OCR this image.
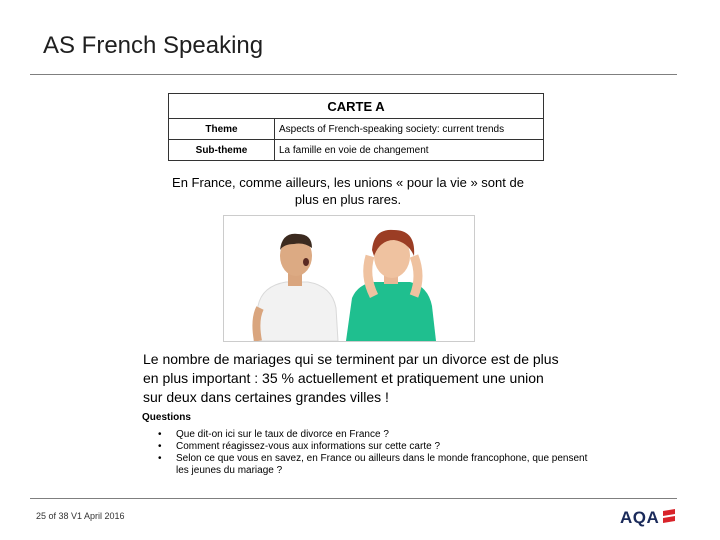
AS French Speaking
CARTE A	
Theme	Aspects of French-speaking society: current trends
Sub-theme	La famille en voie de changement
En France, comme ailleurs, les unions « pour la vie » sont de plus en plus rares.
Le nombre de mariages qui se terminent par un divorce est de plus en plus important : 35 % actuellement et pratiquement une union sur deux dans certaines grandes villes !
Questions
• Que dit-on ici sur le taux de divorce en France ?
• Comment réagissez-vous aux informations sur cette carte ?
• Selon ce que vous en savez, en France ou ailleurs dans le monde francophone, que pensent les jeunes du mariage ?
25 of 38 V1 April 2016	AQA
